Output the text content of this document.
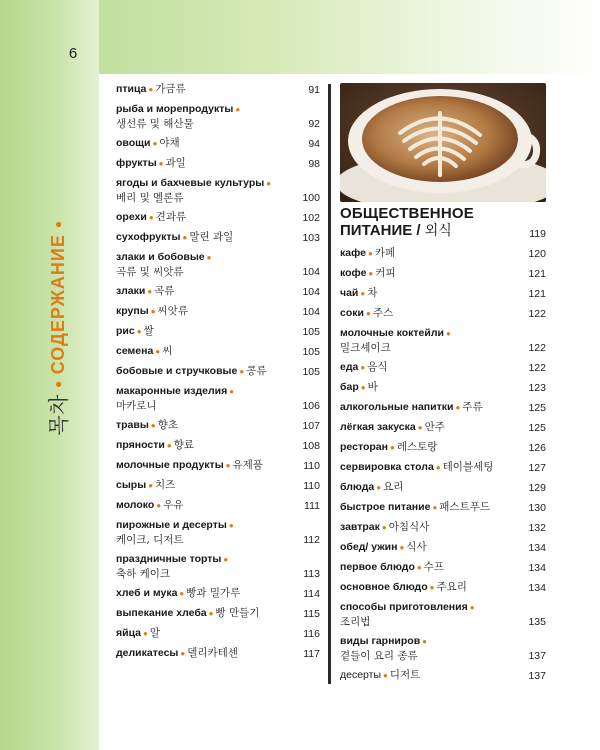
6
목차
●
СОДЕРЖАНИЕ
●
птица ● 가금류	91
рыба и морепродукты ●
생선류 및 해산물	92
овощи ● 야채	94
фрукты ● 과일	98
ягоды и бахчевые культуры ●
베리 및 멜론류	100
орехи ● 견과류	102
сухофрукты ● 말린 과일	103
злаки и бобовые ●
곡류 및 씨앗류	104
злаки ● 곡류	104
крупы ● 씨앗류	104
рис ● 쌀	105
семена ● 씨	105
бобовые и стручковые ● 콩류	105
макаронные изделия ●
마카로니	106
травы ● 향초	107
пряности ● 향료	108
молочные продукты ● 유제품	110
сыры ● 치즈	110
молоко ● 우유	111
пирожные и десерты ●
케이크, 디저트	112
праздничные торты ●
축하 케이크	113
хлеб и мука ● 빵과 밀가루	114
выпекание хлеба ● 빵 만들기	115
яйца ● 알	116
деликатесы ● 델리카테센	117
ОБЩЕСТВЕННОЕ
ПИТАНИЕ / 외식	119
кафе ● 카페	120
кофе ● 커피	121
чай ● 차	121
соки ● 주스	122
молочные коктейли ●
밀크셰이크	122
еда ● 음식	122
бар ● 바	123
алкогольные напитки ● 주류	125
лёгкая закуска ● 안주	125
ресторан ● 레스토랑	126
сервировка стола ● 테이블세팅	127
блюда ● 요리	129
быстрое питание ● 패스트푸드	130
завтрак ● 아침식사	132
обед/ ужин ● 식사	134
первое блюдо ● 수프	134
основное блюдо ● 주요리	134
способы приготовления ●
조리법	135
виды гарниров ●
곁들이 요리 종류	137
десерты ● 디저트	137
